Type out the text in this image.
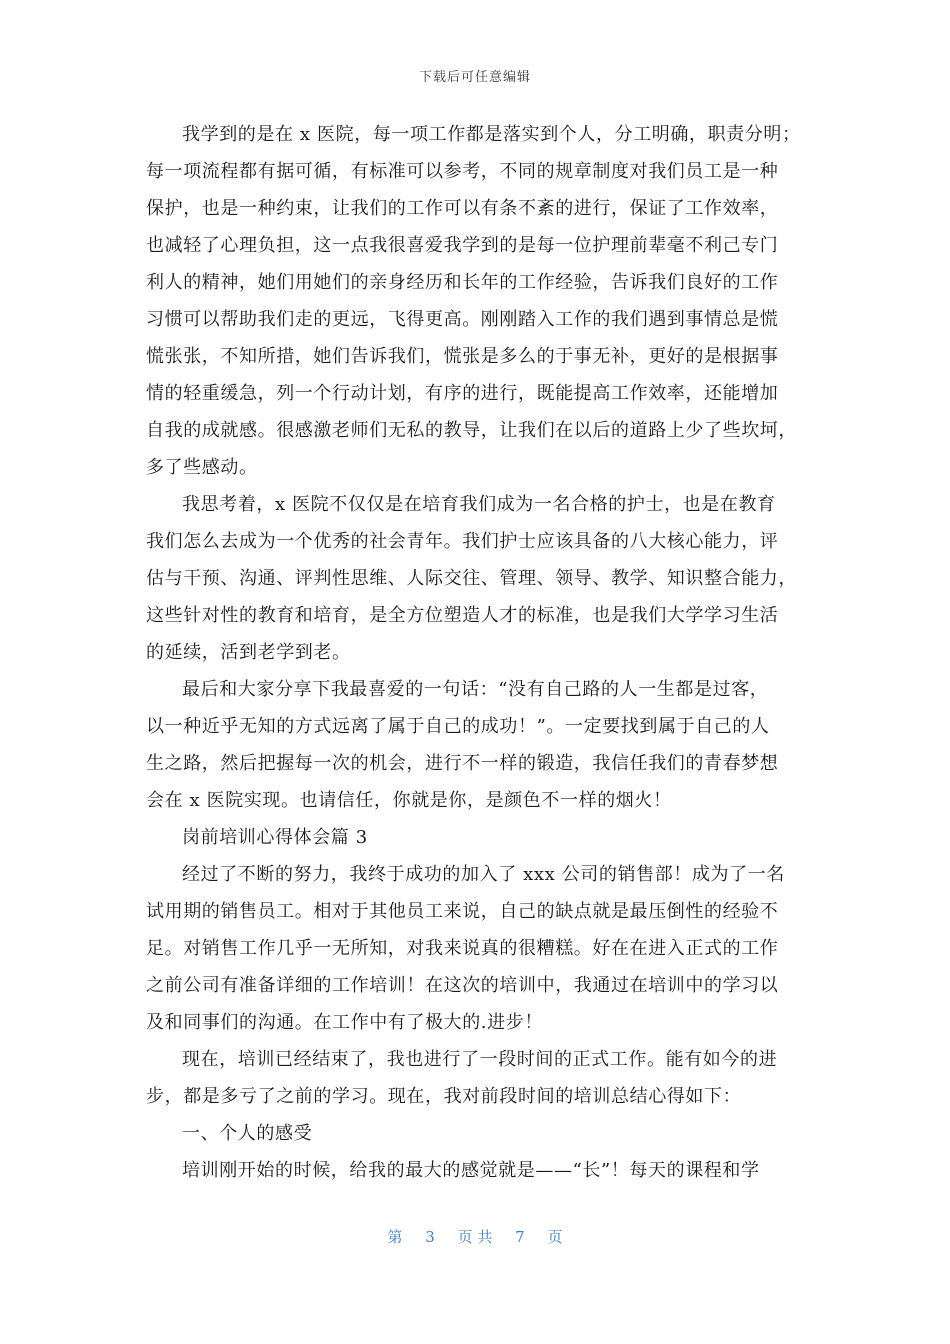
下载后可任意编辑
我学到的是在 x 医院，每一项工作都是落实到个人，分工明确，职责分明；
每一项流程都有据可循，有标准可以参考，不同的规章制度对我们员工是一种
保护，也是一种约束，让我们的工作可以有条不紊的进行，保证了工作效率，
也减轻了心理负担，这一点我很喜爱我学到的是每一位护理前辈毫不利己专门
利人的精神，她们用她们的亲身经历和长年的工作经验，告诉我们良好的工作
习惯可以帮助我们走的更远，飞得更高。刚刚踏入工作的我们遇到事情总是慌
慌张张，不知所措，她们告诉我们，慌张是多么的于事无补，更好的是根据事
情的轻重缓急，列一个行动计划，有序的进行，既能提高工作效率，还能增加
自我的成就感。很感激老师们无私的教导，让我们在以后的道路上少了些坎坷，
多了些感动。
我思考着，x 医院不仅仅是在培育我们成为一名合格的护士，也是在教育
我们怎么去成为一个优秀的社会青年。我们护士应该具备的八大核心能力，评
估与干预、沟通、评判性思维、人际交往、管理、领导、教学、知识整合能力，
这些针对性的教育和培育，是全方位塑造人才的标准，也是我们大学学习生活
的延续，活到老学到老。
最后和大家分享下我最喜爱的一句话：“没有自己路的人一生都是过客，
以一种近乎无知的方式远离了属于自己的成功！”。一定要找到属于自己的人
生之路，然后把握每一次的机会，进行不一样的锻造，我信任我们的青春梦想
会在 x 医院实现。也请信任，你就是你，是颜色不一样的烟火！
岗前培训心得体会篇 3
经过了不断的努力，我终于成功的加入了 xxx 公司的销售部！成为了一名
试用期的销售员工。相对于其他员工来说，自己的缺点就是最压倒性的经验不
足。对销售工作几乎一无所知，对我来说真的很糟糕。好在在进入正式的工作
之前公司有准备详细的工作培训！在这次的培训中，我通过在培训中的学习以
及和同事们的沟通。在工作中有了极大的.进步！
现在，培训已经结束了，我也进行了一段时间的正式工作。能有如今的进
步，都是多亏了之前的学习。现在，我对前段时间的培训总结心得如下：
一、个人的感受
培训刚开始的时候，给我的最大的感觉就是——“长”！每天的课程和学
第 3 页 共 7 页
